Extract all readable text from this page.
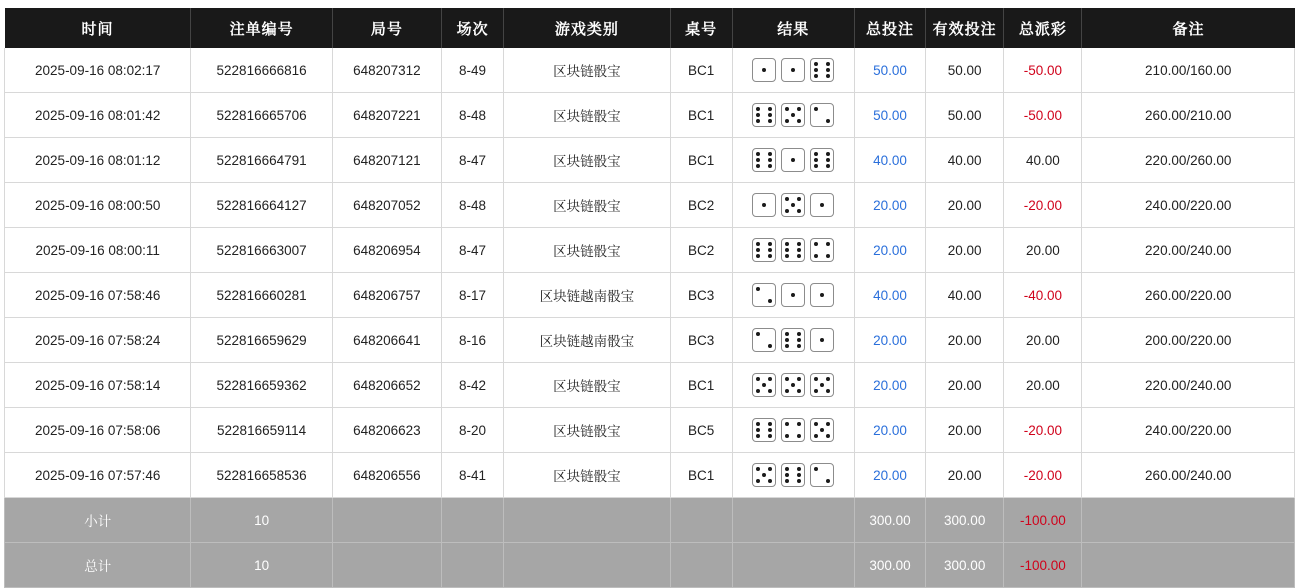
时间	注单编号	局号	场次	游戏类别	桌号	结果	总投注	有效投注	总派彩	备注
2025-09-16 08:02:17	522816666816	648207312	8-49	区块链骰宝	BC1		50.00	50.00	-50.00	210.00/160.00
2025-09-16 08:01:42	522816665706	648207221	8-48	区块链骰宝	BC1		50.00	50.00	-50.00	260.00/210.00
2025-09-16 08:01:12	522816664791	648207121	8-47	区块链骰宝	BC1		40.00	40.00	40.00	220.00/260.00
2025-09-16 08:00:50	522816664127	648207052	8-48	区块链骰宝	BC2		20.00	20.00	-20.00	240.00/220.00
2025-09-16 08:00:11	522816663007	648206954	8-47	区块链骰宝	BC2		20.00	20.00	20.00	220.00/240.00
2025-09-16 07:58:46	522816660281	648206757	8-17	区块链越南骰宝	BC3		40.00	40.00	-40.00	260.00/220.00
2025-09-16 07:58:24	522816659629	648206641	8-16	区块链越南骰宝	BC3		20.00	20.00	20.00	200.00/220.00
2025-09-16 07:58:14	522816659362	648206652	8-42	区块链骰宝	BC1		20.00	20.00	20.00	220.00/240.00
2025-09-16 07:58:06	522816659114	648206623	8-20	区块链骰宝	BC5		20.00	20.00	-20.00	240.00/220.00
2025-09-16 07:57:46	522816658536	648206556	8-41	区块链骰宝	BC1		20.00	20.00	-20.00	260.00/240.00
小计	10						300.00	300.00	-100.00	
总计	10						300.00	300.00	-100.00	
